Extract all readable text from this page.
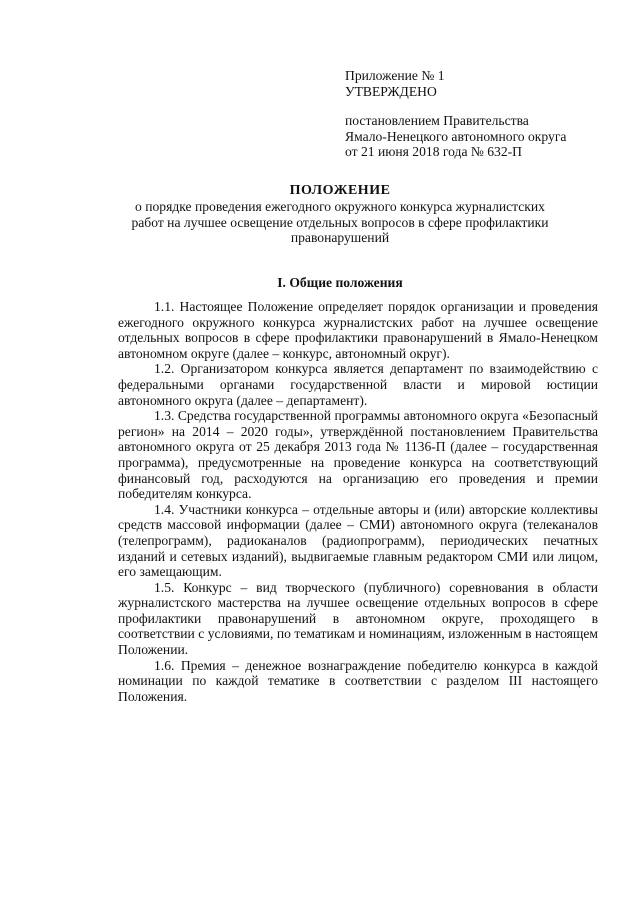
Приложение № 1
УТВЕРЖДЕНО
постановлением Правительства
Ямало-Ненецкого автономного округа
от 21 июня 2018 года № 632-П
ПОЛОЖЕНИЕ
о порядке проведения ежегодного окружного конкурса журналистских
работ на лучшее освещение отдельных вопросов в сфере профилактики
правонарушений
I. Общие положения

1.1. Настоящее Положение определяет порядок организации и проведения ежегодного окружного конкурса журналистских работ на лучшее освещение отдельных вопросов в сфере профилактики правонарушений в Ямало-Ненецком автономном округе (далее – конкурс, автономный округ).

1.2. Организатором конкурса является департамент по взаимодействию с федеральными органами государственной власти и мировой юстиции автономного округа (далее – департамент).

1.3. Средства государственной программы автономного округа «Безопасный регион» на 2014 – 2020 годы», утверждённой постановлением Правительства автономного округа от 25 декабря 2013 года № 1136-П (далее – государственная программа), предусмотренные на проведение конкурса на соответствующий финансовый год, расходуются на организацию его проведения и премии победителям конкурса.

1.4. Участники конкурса – отдельные авторы и (или) авторские коллективы средств массовой информации (далее – СМИ) автономного округа (телеканалов (телепрограмм), радиоканалов (радиопрограмм), периодических печатных изданий и сетевых изданий), выдвигаемые главным редактором СМИ или лицом, его замещающим.

1.5. Конкурс – вид творческого (публичного) соревнования в области журналистского мастерства на лучшее освещение отдельных вопросов в сфере профилактики правонарушений в автономном округе, проходящего в соответствии с условиями, по тематикам и номинациям, изложенным в настоящем Положении.

1.6. Премия – денежное вознаграждение победителю конкурса в каждой номинации по каждой тематике в соответствии с разделом III настоящего Положения.
